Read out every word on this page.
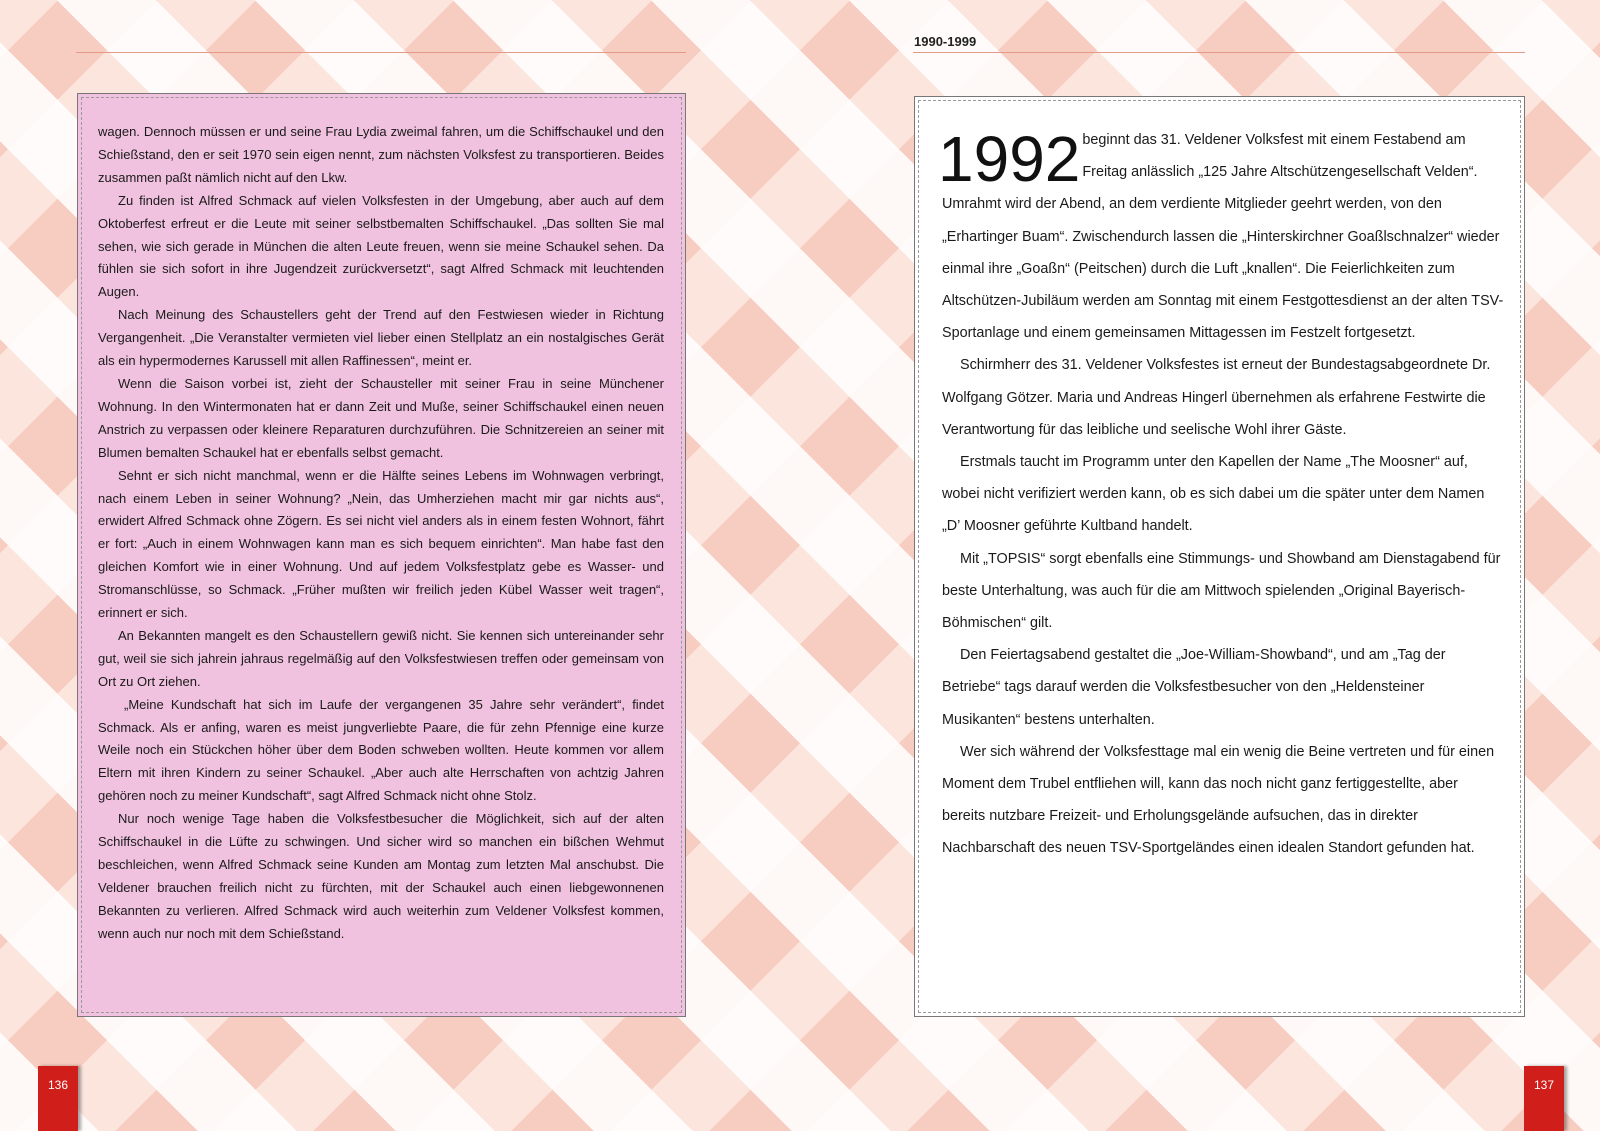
1990-1999

wagen. Dennoch müssen er und seine Frau Lydia zweimal fahren, um die Schiffschaukel und den Schießstand, den er seit 1970 sein eigen nennt, zum nächsten Volksfest zu transportieren. Beides zusammen paßt nämlich nicht auf den Lkw.

Zu finden ist Alfred Schmack auf vielen Volksfesten in der Umgebung, aber auch auf dem Oktoberfest erfreut er die Leute mit seiner selbstbemalten Schiffschaukel. „Das sollten Sie mal sehen, wie sich gerade in München die alten Leute freuen, wenn sie meine Schaukel sehen. Da fühlen sie sich sofort in ihre Jugendzeit zurückversetzt“, sagt Alfred Schmack mit leuchtenden Augen.

Nach Meinung des Schaustellers geht der Trend auf den Festwiesen wieder in Richtung Vergangenheit. „Die Veranstalter vermieten viel lieber einen Stellplatz an ein nostalgisches Gerät als ein hypermodernes Karussell mit allen Raffinessen“, meint er.

Wenn die Saison vorbei ist, zieht der Schausteller mit seiner Frau in seine Münchener Wohnung. In den Wintermonaten hat er dann Zeit und Muße, seiner Schiffschaukel einen neuen Anstrich zu verpassen oder kleinere Reparaturen durchzuführen. Die Schnitzereien an seiner mit Blumen bemalten Schaukel hat er ebenfalls selbst gemacht.

Sehnt er sich nicht manchmal, wenn er die Hälfte seines Lebens im Wohnwagen verbringt, nach einem Leben in seiner Wohnung? „Nein, das Umherziehen macht mir gar nichts aus“, erwidert Alfred Schmack ohne Zögern. Es sei nicht viel anders als in einem festen Wohnort, fährt er fort: „Auch in einem Wohnwagen kann man es sich bequem einrichten“. Man habe fast den gleichen Komfort wie in einer Wohnung. Und auf jedem Volksfestplatz gebe es Wasser- und Stromanschlüsse, so Schmack. „Früher mußten wir freilich jeden Kübel Wasser weit tragen“, erinnert er sich.

An Bekannten mangelt es den Schaustellern gewiß nicht. Sie kennen sich untereinander sehr gut, weil sie sich jahrein jahraus regelmäßig auf den Volksfestwiesen treffen oder gemeinsam von Ort zu Ort ziehen.

„Meine Kundschaft hat sich im Laufe der vergangenen 35 Jahre sehr verändert“, findet Schmack. Als er anfing, waren es meist jungverliebte Paare, die für zehn Pfennige eine kurze Weile noch ein Stückchen höher über dem Boden schweben wollten. Heute kommen vor allem Eltern mit ihren Kindern zu seiner Schaukel. „Aber auch alte Herrschaften von achtzig Jahren gehören noch zu meiner Kundschaft“, sagt Alfred Schmack nicht ohne Stolz.

Nur noch wenige Tage haben die Volksfestbesucher die Möglichkeit, sich auf der alten Schiffschaukel in die Lüfte zu schwingen. Und sicher wird so manchen ein bißchen Wehmut beschleichen, wenn Alfred Schmack seine Kunden am Montag zum letzten Mal anschubst. Die Veldener brauchen freilich nicht zu fürchten, mit der Schaukel auch einen liebgewonnenen Bekannten zu verlieren. Alfred Schmack wird auch weiterhin zum Veldener Volksfest kommen, wenn auch nur noch mit dem Schießstand.

136

1992 beginnt das 31. Veldener Volksfest mit einem Festabend am Freitag anlässlich „125 Jahre Altschützengesellschaft Velden“. Umrahmt wird der Abend, an dem verdiente Mitglieder geehrt werden, von den „Erhartinger Buam“. Zwischendurch lassen die „Hinterskirchner Goaßlschnalzer“ wieder einmal ihre „Goaßn“ (Peitschen) durch die Luft „knallen“. Die Feierlichkeiten zum Altschützen-Jubiläum werden am Sonntag mit einem Festgottesdienst an der alten TSV-Sportanlage und einem gemeinsamen Mittagessen im Festzelt fortgesetzt.

Schirmherr des 31. Veldener Volksfestes ist erneut der Bundestagsabgeordnete Dr. Wolfgang Götzer. Maria und Andreas Hingerl übernehmen als erfahrene Festwirte die Verantwortung für das leibliche und seelische Wohl ihrer Gäste.

Erstmals taucht im Programm unter den Kapellen der Name „The Moosner“ auf, wobei nicht verifiziert werden kann, ob es sich dabei um die später unter dem Namen „D’ Moosner geführte Kultband handelt.

Mit „TOPSIS“ sorgt ebenfalls eine Stimmungs- und Showband am Dienstagabend für beste Unterhaltung, was auch für die am Mittwoch spielenden „Original Bayerisch-Böhmischen“ gilt.

Den Feiertagsabend gestaltet die „Joe-William-Showband“, und am „Tag der Betriebe“ tags darauf werden die Volksfestbesucher von den „Heldensteiner Musikanten“ bestens unterhalten.

Wer sich während der Volksfesttage mal ein wenig die Beine vertreten und für einen Moment dem Trubel entfliehen will, kann das noch nicht ganz fertiggestellte, aber bereits nutzbare Freizeit- und Erholungsgelände aufsuchen, das in direkter Nachbarschaft des neuen TSV-Sportgeländes einen idealen Standort gefunden hat.

137
